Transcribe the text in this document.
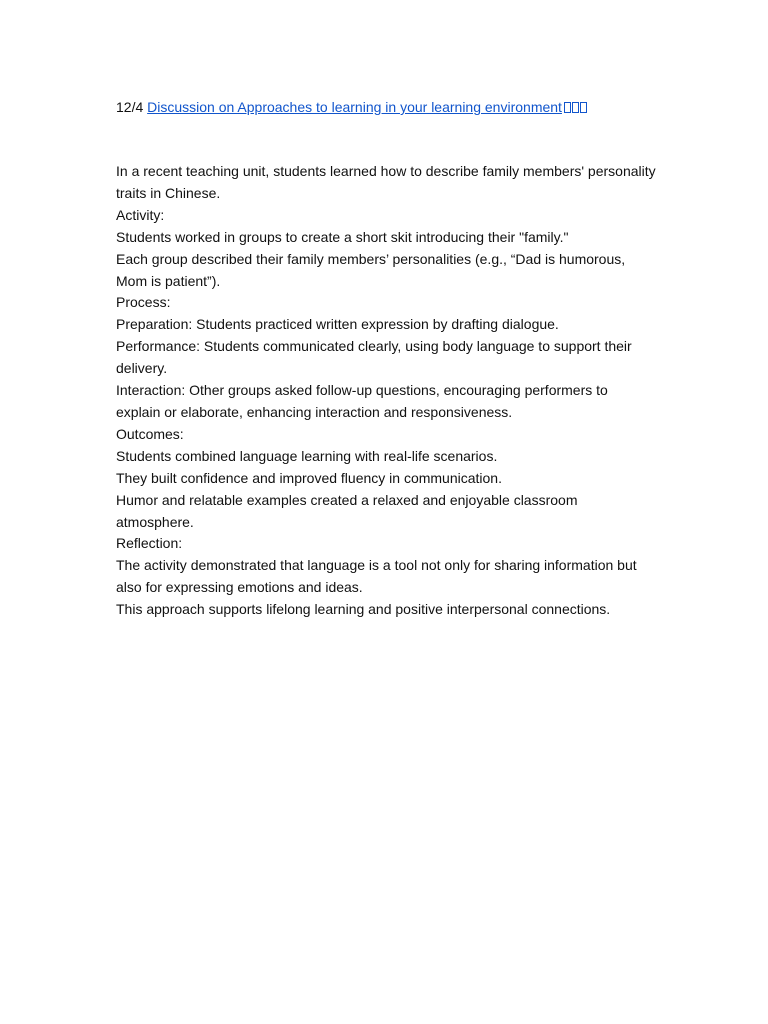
12/4 Discussion on Approaches to learning in your learning environment

In a recent teaching unit, students learned how to describe family members' personality traits in Chinese.

Activity:

Students worked in groups to create a short skit introducing their "family."

Each group described their family members’ personalities (e.g., “Dad is humorous, Mom is patient”).

Process:

Preparation: Students practiced written expression by drafting dialogue.

Performance: Students communicated clearly, using body language to support their delivery.

Interaction: Other groups asked follow-up questions, encouraging performers to explain or elaborate, enhancing interaction and responsiveness.

Outcomes:

Students combined language learning with real-life scenarios.

They built confidence and improved fluency in communication.

Humor and relatable examples created a relaxed and enjoyable classroom atmosphere.

Reflection:

The activity demonstrated that language is a tool not only for sharing information but also for expressing emotions and ideas.

This approach supports lifelong learning and positive interpersonal connections.
